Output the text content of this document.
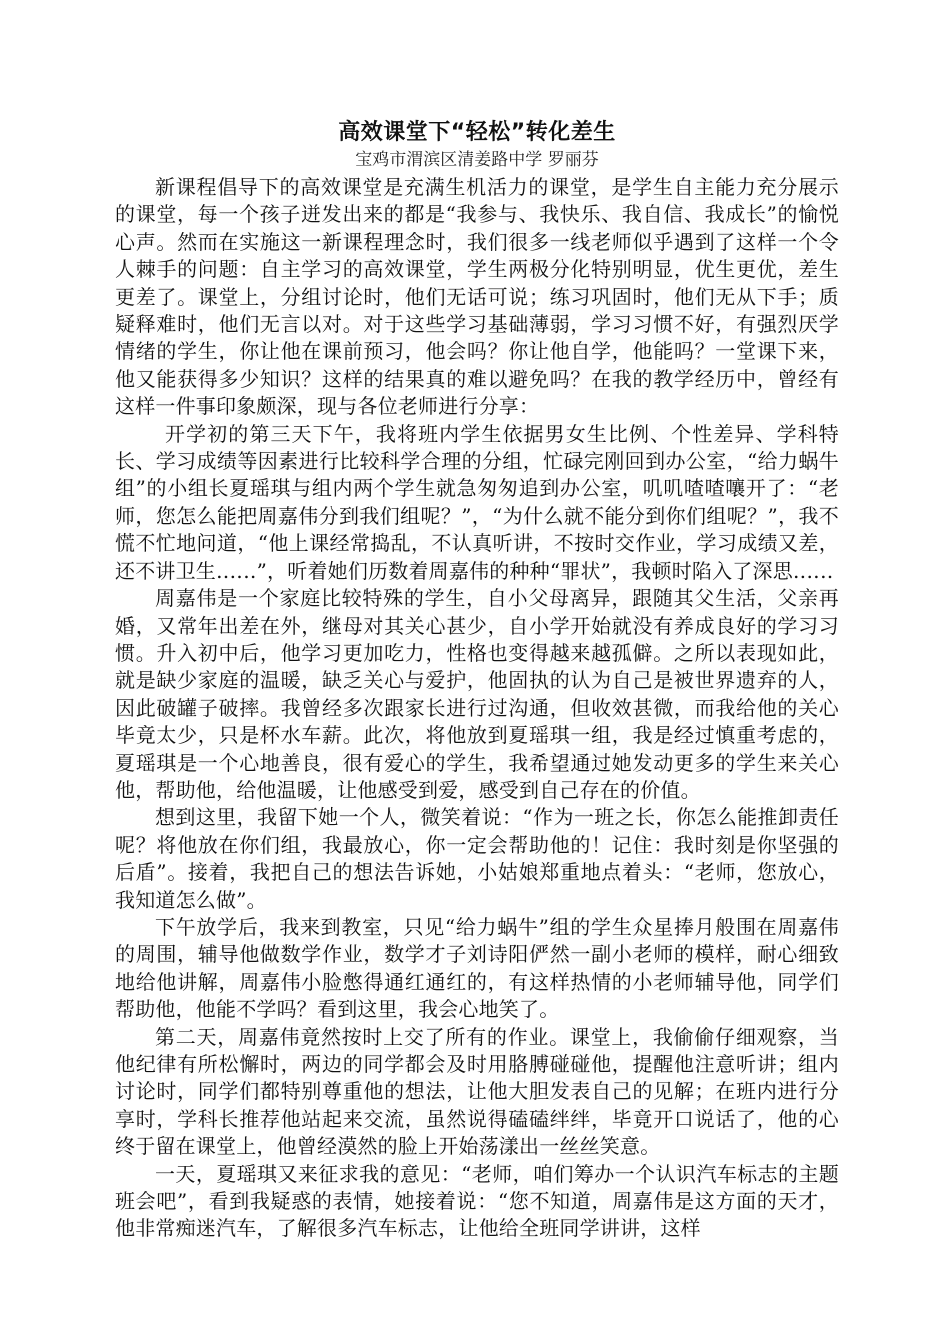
高效课堂下“轻松”转化差生

宝鸡市渭滨区清姜路中学 罗丽芬

新课程倡导下的高效课堂是充满生机活力的课堂，是学生自主能力充分展示的课堂，每一个孩子迸发出来的都是“我参与、我快乐、我自信、我成长”的愉悦心声。然而在实施这一新课程理念时，我们很多一线老师似乎遇到了这样一个令人棘手的问题：自主学习的高效课堂，学生两极分化特别明显，优生更优，差生更差了。课堂上，分组讨论时，他们无话可说；练习巩固时，他们无从下手；质疑释难时，他们无言以对。对于这些学习基础薄弱，学习习惯不好，有强烈厌学情绪的学生，你让他在课前预习，他会吗？你让他自学，他能吗？一堂课下来，他又能获得多少知识？这样的结果真的难以避免吗？在我的教学经历中，曾经有这样一件事印象颇深，现与各位老师进行分享：

开学初的第三天下午，我将班内学生依据男女生比例、个性差异、学科特长、学习成绩等因素进行比较科学合理的分组，忙碌完刚回到办公室，“给力蜗牛组”的小组长夏瑶琪与组内两个学生就急匆匆追到办公室，叽叽喳喳嚷开了：“老师，您怎么能把周嘉伟分到我们组呢？”，“为什么就不能分到你们组呢？”，我不慌不忙地问道，“他上课经常捣乱，不认真听讲，不按时交作业，学习成绩又差，还不讲卫生‥‥‥”，听着她们历数着周嘉伟的种种“罪状”，我顿时陷入了深思‥‥‥

周嘉伟是一个家庭比较特殊的学生，自小父母离异，跟随其父生活，父亲再婚，又常年出差在外，继母对其关心甚少，自小学开始就没有养成良好的学习习惯。升入初中后，他学习更加吃力，性格也变得越来越孤僻。之所以表现如此，就是缺少家庭的温暖，缺乏关心与爱护，他固执的认为自己是被世界遗弃的人，因此破罐子破摔。我曾经多次跟家长进行过沟通，但收效甚微，而我给他的关心毕竟太少，只是杯水车薪。此次，将他放到夏瑶琪一组，我是经过慎重考虑的，夏瑶琪是一个心地善良，很有爱心的学生，我希望通过她发动更多的学生来关心他，帮助他，给他温暖，让他感受到爱，感受到自己存在的价值。

想到这里，我留下她一个人，微笑着说：“作为一班之长，你怎么能推卸责任呢？将他放在你们组，我最放心，你一定会帮助他的！记住：我时刻是你坚强的后盾”。接着，我把自己的想法告诉她，小姑娘郑重地点着头：“老师，您放心，我知道怎么做”。

下午放学后，我来到教室，只见“给力蜗牛”组的学生众星捧月般围在周嘉伟的周围，辅导他做数学作业，数学才子刘诗阳俨然一副小老师的模样，耐心细致地给他讲解，周嘉伟小脸憋得通红通红的，有这样热情的小老师辅导他，同学们帮助他，他能不学吗？看到这里，我会心地笑了。

第二天，周嘉伟竟然按时上交了所有的作业。课堂上，我偷偷仔细观察，当他纪律有所松懈时，两边的同学都会及时用胳膊碰碰他，提醒他注意听讲；组内讨论时，同学们都特别尊重他的想法，让他大胆发表自己的见解；在班内进行分享时，学科长推荐他站起来交流，虽然说得磕磕绊绊，毕竟开口说话了，他的心终于留在课堂上，他曾经漠然的脸上开始荡漾出一丝丝笑意。

一天，夏瑶琪又来征求我的意见：“老师，咱们筹办一个认识汽车标志的主题班会吧”，看到我疑惑的表情，她接着说：“您不知道，周嘉伟是这方面的天才，他非常痴迷汽车，了解很多汽车标志，让他给全班同学讲讲，这样
